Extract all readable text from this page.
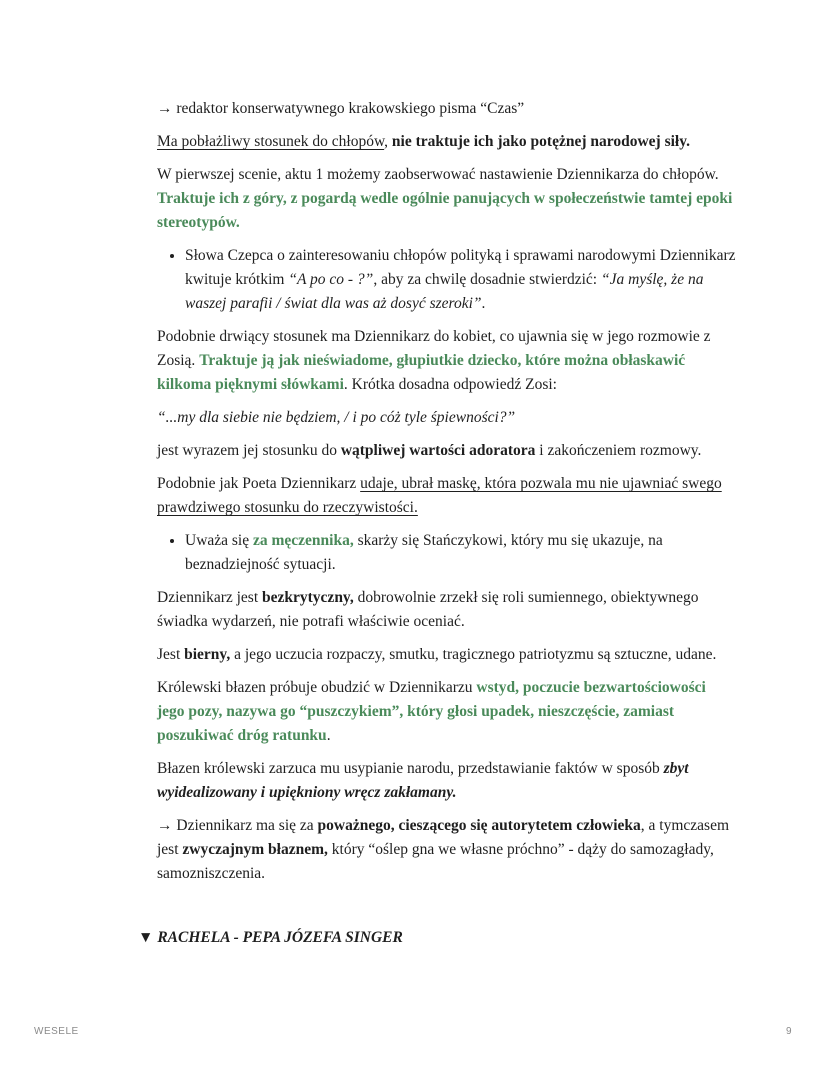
→ redaktor konserwatywnego krakowskiego pisma “Czas”

Ma pobłażliwy stosunek do chłopów, nie traktuje ich jako potężnej narodowej siły.

W pierwszej scenie, aktu 1 możemy zaobserwować nastawienie Dziennikarza do chłopów. Traktuje ich z góry, z pogardą wedle ogólnie panujących w społeczeństwie tamtej epoki stereotypów.

• Słowa Czepca o zainteresowaniu chłopów polityką i sprawami narodowymi Dziennikarz kwituje krótkim “A po co - ?”, aby za chwilę dosadnie stwierdzić: “Ja myślę, że na waszej parafii / świat dla was aż dosyć szeroki”.

Podobnie drwiący stosunek ma Dziennikarz do kobiet, co ujawnia się w jego rozmowie z Zosią. Traktuje ją jak nieświadome, głupiutkie dziecko, które można obłaskawić kilkoma pięknymi słówkami. Krótka dosadna odpowiedź Zosi:

“...my dla siebie nie będziem, / i po cóż tyle śpiewności?”

jest wyrazem jej stosunku do wątpliwej wartości adoratora i zakończeniem rozmowy.

Podobnie jak Poeta Dziennikarz udaje, ubrał maskę, która pozwala mu nie ujawniać swego prawdziwego stosunku do rzeczywistości.

• Uważa się za męczennika, skarży się Stańczykowi, który mu się ukazuje, na beznadziejność sytuacji.

Dziennikarz jest bezkrytyczny, dobrowolnie zrzekł się roli sumiennego, obiektywnego świadka wydarzeń, nie potrafi właściwie oceniać.

Jest bierny, a jego uczucia rozpaczy, smutku, tragicznego patriotyzmu są sztuczne, udane.

Królewski błazen próbuje obudzić w Dziennikarzu wstyd, poczucie bezwartościowości jego pozy, nazywa go “puszczykiem”, który głosi upadek, nieszczęście, zamiast poszukiwać dróg ratunku.

Błazen królewski zarzuca mu usypianie narodu, przedstawianie faktów w sposób zbyt wyidealizowany i upiękniony wręcz zakłamany.

→ Dziennikarz ma się za poważnego, cieszącego się autorytetem człowieka, a tymczasem jest zwyczajnym błaznem, który “oślep gna we własne próchno” - dąży do samozagłady, samozniszczenia.

▼ RACHELA - PEPA JÓZEFA SINGER
WESELE	9
